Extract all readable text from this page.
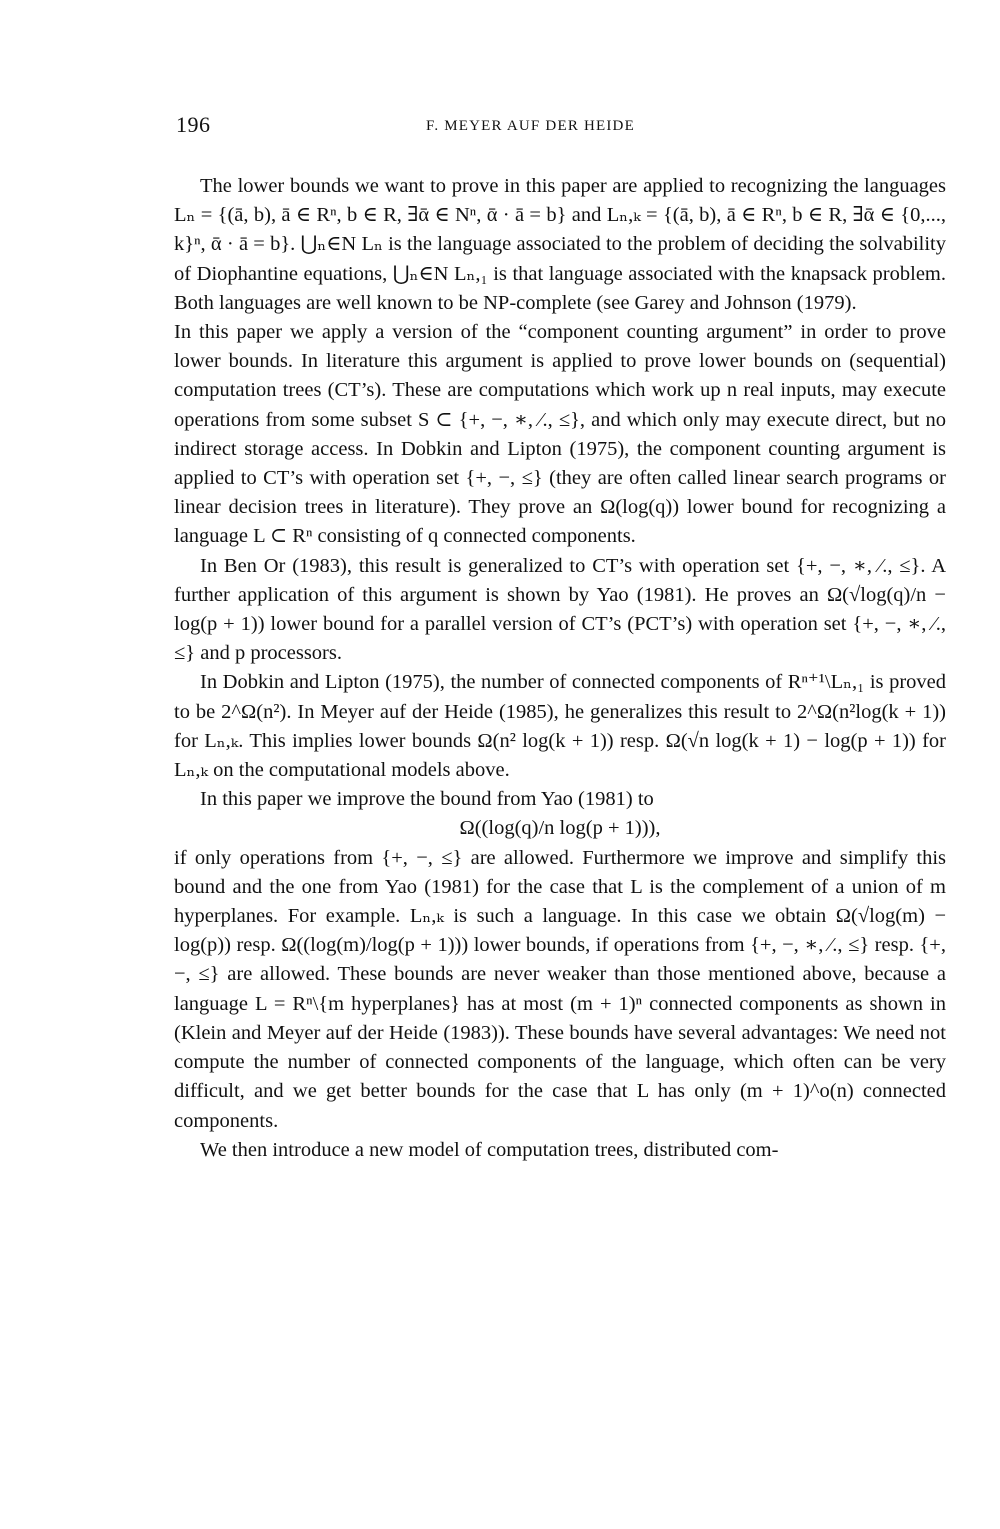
196	F. MEYER AUF DER HEIDE

The lower bounds we want to prove in this paper are applied to recognizing the languages Lₙ = {(ā, b), ā ∈ Rⁿ, b ∈ R, ∃ᾱ ∈ Nⁿ, ᾱ · ā = b} and Lₙ,ₖ = {(ā, b), ā ∈ Rⁿ, b ∈ R, ∃ᾱ ∈ {0,..., k}ⁿ, ᾱ · ā = b}. ⋃ₙ∈N Lₙ is the language associated to the problem of deciding the solvability of Diophantine equations, ⋃ₙ∈N Lₙ,₁ is that language associated with the knapsack problem. Both languages are well known to be NP-complete (see Garey and Johnson (1979).

In this paper we apply a version of the “component counting argument” in order to prove lower bounds. In literature this argument is applied to prove lower bounds on (sequential) computation trees (CT’s). These are computations which work up n real inputs, may execute operations from some subset S ⊂ {+, −, ∗, ⁄., ≤}, and which only may execute direct, but no indirect storage access. In Dobkin and Lipton (1975), the component counting argument is applied to CT’s with operation set {+, −, ≤} (they are often called linear search programs or linear decision trees in literature). They prove an Ω(log(q)) lower bound for recognizing a language L ⊂ Rⁿ consisting of q connected components.

In Ben Or (1983), this result is generalized to CT’s with operation set {+, −, ∗, ⁄., ≤}. A further application of this argument is shown by Yao (1981). He proves an Ω(√log(q)/n − log(p + 1)) lower bound for a parallel version of CT’s (PCT’s) with operation set {+, −, ∗, ⁄., ≤} and p processors.

In Dobkin and Lipton (1975), the number of connected components of Rⁿ⁺¹\Lₙ,₁ is proved to be 2^Ω(n²). In Meyer auf der Heide (1985), he generalizes this result to 2^Ω(n²log(k + 1)) for Lₙ,ₖ. This implies lower bounds Ω(n² log(k + 1)) resp. Ω(√n log(k + 1) − log(p + 1)) for Lₙ,ₖ on the computational models above.

In this paper we improve the bound from Yao (1981) to

Ω((log(q)/n log(p + 1))),

if only operations from {+, −, ≤} are allowed. Furthermore we improve and simplify this bound and the one from Yao (1981) for the case that L is the complement of a union of m hyperplanes. For example. Lₙ,ₖ is such a language. In this case we obtain Ω(√log(m) − log(p)) resp. Ω((log(m)/log(p + 1))) lower bounds, if operations from {+, −, ∗, ⁄., ≤} resp. {+, −, ≤} are allowed. These bounds are never weaker than those mentioned above, because a language L = Rⁿ\{m hyperplanes} has at most (m + 1)ⁿ connected components as shown in (Klein and Meyer auf der Heide (1983)). These bounds have several advantages: We need not compute the number of connected components of the language, which often can be very difficult, and we get better bounds for the case that L has only (m + 1)^o(n) connected components.

We then introduce a new model of computation trees, distributed com-
